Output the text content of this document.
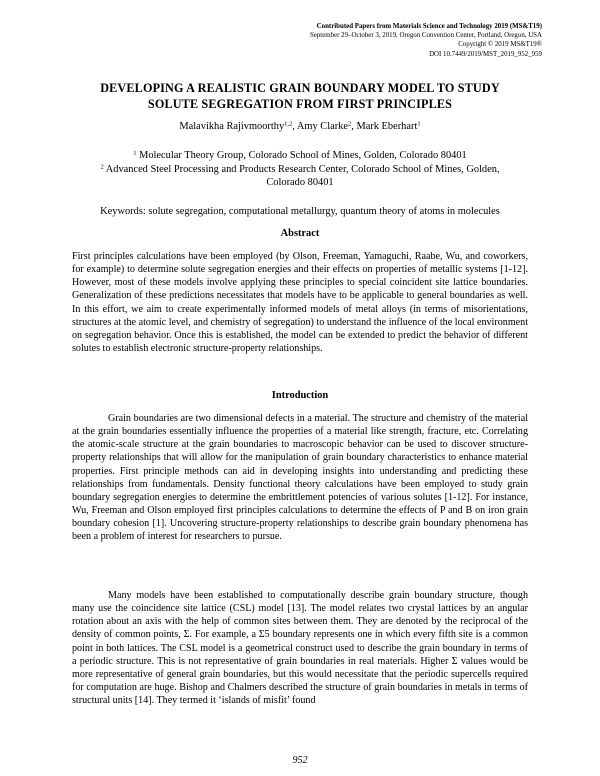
Contributed Papers from Materials Science and Technology 2019 (MS&T19)
September 29–October 3, 2019, Oregon Convention Center, Portland, Oregon, USA
Copyright © 2019 MS&T19®
DOI 10.7449/2019/MST_2019_952_959
DEVELOPING A REALISTIC GRAIN BOUNDARY MODEL TO STUDY
SOLUTE SEGREGATION FROM FIRST PRINCIPLES
Malavikha Rajivmoorthy$^{1,2}$, Amy Clarke$^2$, Mark Eberhart$^1$
$^1$ Molecular Theory Group, Colorado School of Mines, Golden, Colorado 80401
$^2$ Advanced Steel Processing and Products Research Center, Colorado School of Mines, Golden, Colorado 80401
Keywords: solute segregation, computational metallurgy, quantum theory of atoms in molecules
Abstract
First principles calculations have been employed (by Olson, Freeman, Yamaguchi, Raabe, Wu, and coworkers, for example) to determine solute segregation energies and their effects on properties of metallic systems [1-12]. However, most of these models involve applying these principles to special coincident site lattice boundaries. Generalization of these predictions necessitates that models have to be applicable to general boundaries as well. In this effort, we aim to create experimentally informed models of metal alloys (in terms of misorientations, structures at the atomic level, and chemistry of segregation) to understand the influence of the local environment on segregation behavior. Once this is established, the model can be extended to predict the behavior of different solutes to establish electronic structure-property relationships.
Introduction
Grain boundaries are two dimensional defects in a material. The structure and chemistry of the material at the grain boundaries essentially influence the properties of a material like strength, fracture, etc. Correlating the atomic-scale structure at the grain boundaries to macroscopic behavior can be used to discover structure-property relationships that will allow for the manipulation of grain boundary characteristics to enhance material properties. First principle methods can aid in developing insights into understanding and predicting these relationships from fundamentals. Density functional theory calculations have been employed to study grain boundary segregation energies to determine the embrittlement potencies of various solutes [1-12]. For instance, Wu, Freeman and Olson employed first principles calculations to determine the effects of P and B on iron grain boundary cohesion [1]. Uncovering structure-property relationships to describe grain boundary phenomena has been a problem of interest for researchers to pursue.
Many models have been established to computationally describe grain boundary structure, though many use the coincidence site lattice (CSL) model [13]. The model relates two crystal lattices by an angular rotation about an axis with the help of common sites between them. They are denoted by the reciprocal of the density of common points, Σ. For example, a Σ5 boundary represents one in which every fifth site is a common point in both lattices. The CSL model is a geometrical construct used to describe the grain boundary in terms of a periodic structure. This is not representative of grain boundaries in real materials. Higher Σ values would be more representative of general grain boundaries, but this would necessitate that the periodic supercells required for computation are huge. Bishop and Chalmers described the structure of grain boundaries in metals in terms of structural units [14]. They termed it ‘islands of misfit’ found
952
